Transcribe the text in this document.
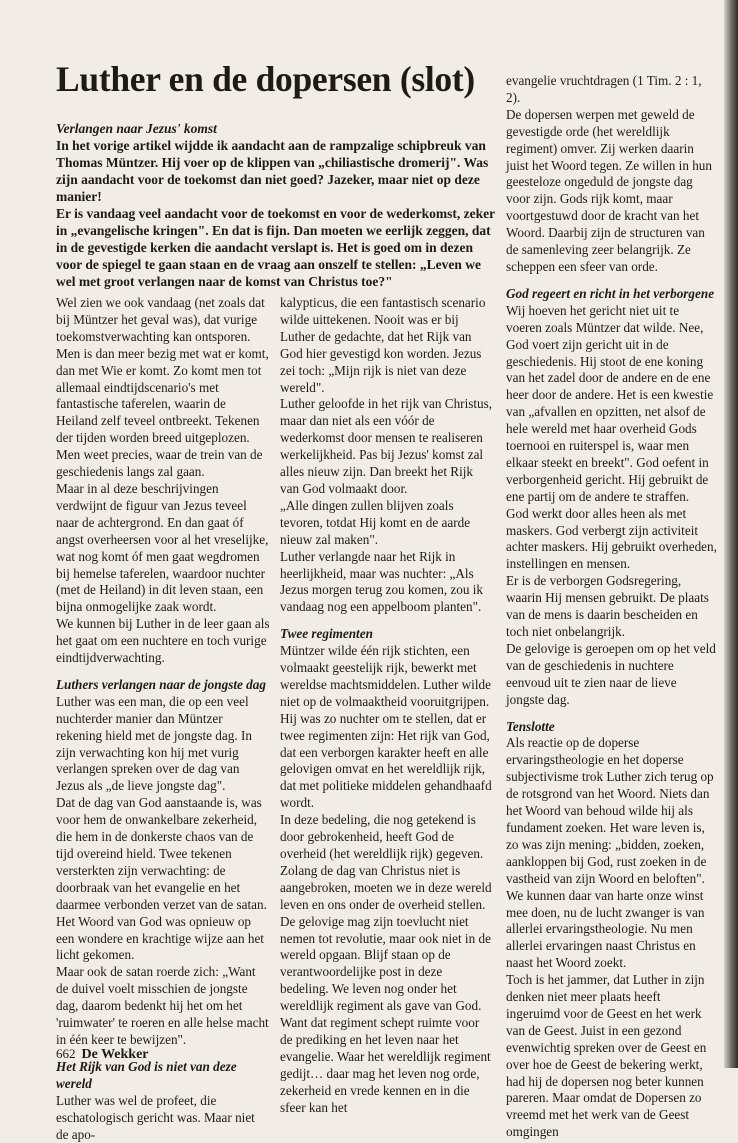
Luther en de dopersen (slot)
Verlangen naar Jezus' komst

In het vorige artikel wijdde ik aandacht aan de rampzalige schipbreuk van Thomas Müntzer. Hij voer op de klippen van „chiliastische dromerij". Was zijn aandacht voor de toekomst dan niet goed? Jazeker, maar niet op deze manier!

Er is vandaag veel aandacht voor de toekomst en voor de wederkomst, zeker in „evangelische kringen". En dat is fijn. Dan moeten we eerlijk zeggen, dat in de gevestigde kerken die aandacht verslapt is. Het is goed om in dezen voor de spiegel te gaan staan en de vraag aan onszelf te stellen: „Leven we wel met groot verlangen naar de komst van Christus toe?"

Wel zien we ook vandaag (net zoals dat bij Müntzer het geval was), dat vurige toekomstverwachting kan ontsporen. Men is dan meer bezig met wat er komt, dan met Wie er komt. Zo komt men tot allemaal eindtijdscenario's met fantastische taferelen, waarin de Heiland zelf teveel ontbreekt. Tekenen der tijden worden breed uitgeplozen. Men weet precies, waar de trein van de geschiedenis langs zal gaan.

Maar in al deze beschrijvingen verdwijnt de figuur van Jezus teveel naar de achtergrond. En dan gaat óf angst overheersen voor al het vreselijke, wat nog komt óf men gaat wegdromen bij hemelse taferelen, waardoor nuchter (met de Heiland) in dit leven staan, een bijna onmogelijke zaak wordt.

We kunnen bij Luther in de leer gaan als het gaat om een nuchtere en toch vurige eindtijdverwachting.

Luthers verlangen naar de jongste dag

Luther was een man, die op een veel nuchterder manier dan Müntzer rekening hield met de jongste dag. In zijn verwachting kon hij met vurig verlangen spreken over de dag van Jezus als „de lieve jongste dag".

Dat de dag van God aanstaande is, was voor hem de onwankelbare zekerheid, die hem in de donkerste chaos van de tijd overeind hield. Twee tekenen versterkten zijn verwachting: de doorbraak van het evangelie en het daarmee verbonden verzet van de satan. Het Woord van God was opnieuw op een wondere en krachtige wijze aan het licht gekomen.

Maar ook de satan roerde zich: „Want de duivel voelt misschien de jongste dag, daarom bedenkt hij het om het 'ruimwater' te roeren en alle helse macht in één keer te bewijzen".

Het Rijk van God is niet van deze wereld

Luther was wel de profeet, die eschatologisch gericht was. Maar niet de apo-

kalypticus, die een fantastisch scenario wilde uittekenen. Nooit was er bij Luther de gedachte, dat het Rijk van God hier gevestigd kon worden. Jezus zei toch: „Mijn rijk is niet van deze wereld".

Luther geloofde in het rijk van Christus, maar dan niet als een vóór de wederkomst door mensen te realiseren werkelijkheid. Pas bij Jezus' komst zal alles nieuw zijn. Dan breekt het Rijk van God volmaakt door.

„Alle dingen zullen blijven zoals tevoren, totdat Hij komt en de aarde nieuw zal maken".

Luther verlangde naar het Rijk in heerlijkheid, maar was nuchter: „Als Jezus morgen terug zou komen, zou ik vandaag nog een appelboom planten".

Twee regimenten

Müntzer wilde één rijk stichten, een volmaakt geestelijk rijk, bewerkt met wereldse machtsmiddelen. Luther wilde niet op de volmaaktheid vooruitgrijpen.

Hij was zo nuchter om te stellen, dat er twee regimenten zijn: Het rijk van God, dat een verborgen karakter heeft en alle gelovigen omvat en het wereldlijk rijk, dat met politieke middelen gehandhaafd wordt.

In deze bedeling, die nog getekend is door gebrokenheid, heeft God de overheid (het wereldlijk rijk) gegeven. Zolang de dag van Christus niet is aangebroken, moeten we in deze wereld leven en ons onder de overheid stellen.

De gelovige mag zijn toevlucht niet nemen tot revolutie, maar ook niet in de wereld opgaan. Blijf staan op de verantwoordelijke post in deze bedeling. We leven nog onder het wereldlijk regiment als gave van God. Want dat regiment schept ruimte voor de prediking en het leven naar het evangelie. Waar het wereldlijk regiment gedijt… daar mag het leven nog orde, zekerheid en vrede kennen en in die sfeer kan het

evangelie vruchtdragen (1 Tim. 2 : 1, 2).

De dopersen werpen met geweld de gevestigde orde (het wereldlijk regiment) omver. Zij werken daarin juist het Woord tegen. Ze willen in hun geesteloze ongeduld de jongste dag voor zijn. Gods rijk komt, maar voortgestuwd door de kracht van het Woord. Daarbij zijn de structuren van de samenleving zeer belangrijk. Ze scheppen een sfeer van orde.

God regeert en richt in het verborgene

Wij hoeven het gericht niet uit te voeren zoals Müntzer dat wilde. Nee, God voert zijn gericht uit in de geschiedenis. Hij stoot de ene koning van het zadel door de andere en de ene heer door de andere. Het is een kwestie van „afvallen en opzitten, net alsof de hele wereld met haar overheid Gods toernooi en ruiterspel is, waar men elkaar steekt en breekt". God oefent in verborgenheid gericht. Hij gebruikt de ene partij om de andere te straffen.

God werkt door alles heen als met maskers. God verbergt zijn activiteit achter maskers. Hij gebruikt overheden, instellingen en mensen.

Er is de verborgen Godsregering, waarin Hij mensen gebruikt. De plaats van de mens is daarin bescheiden en toch niet onbelangrijk.

De gelovige is geroepen om op het veld van de geschiedenis in nuchtere eenvoud uit te zien naar de lieve jongste dag.

Tenslotte

Als reactie op de doperse ervaringstheologie en het doperse subjectivisme trok Luther zich terug op de rotsgrond van het Woord. Niets dan het Woord van behoud wilde hij als fundament zoeken. Het ware leven is, zo was zijn mening: „bidden, zoeken, aankloppen bij God, rust zoeken in de vastheid van zijn Woord en beloften". We kunnen daar van harte onze winst mee doen, nu de lucht zwanger is van allerlei ervaringstheologie. Nu men allerlei ervaringen naast Christus en naast het Woord zoekt.

Toch is het jammer, dat Luther in zijn denken niet meer plaats heeft ingeruimd voor de Geest en het werk van de Geest. Juist in een gezond evenwichtig spreken over de Geest en over hoe de Geest de bekering werkt, had hij de dopersen nog beter kunnen pareren. Maar omdat de Dopersen zo vreemd met het werk van de Geest omgingen

662 De Wekker
